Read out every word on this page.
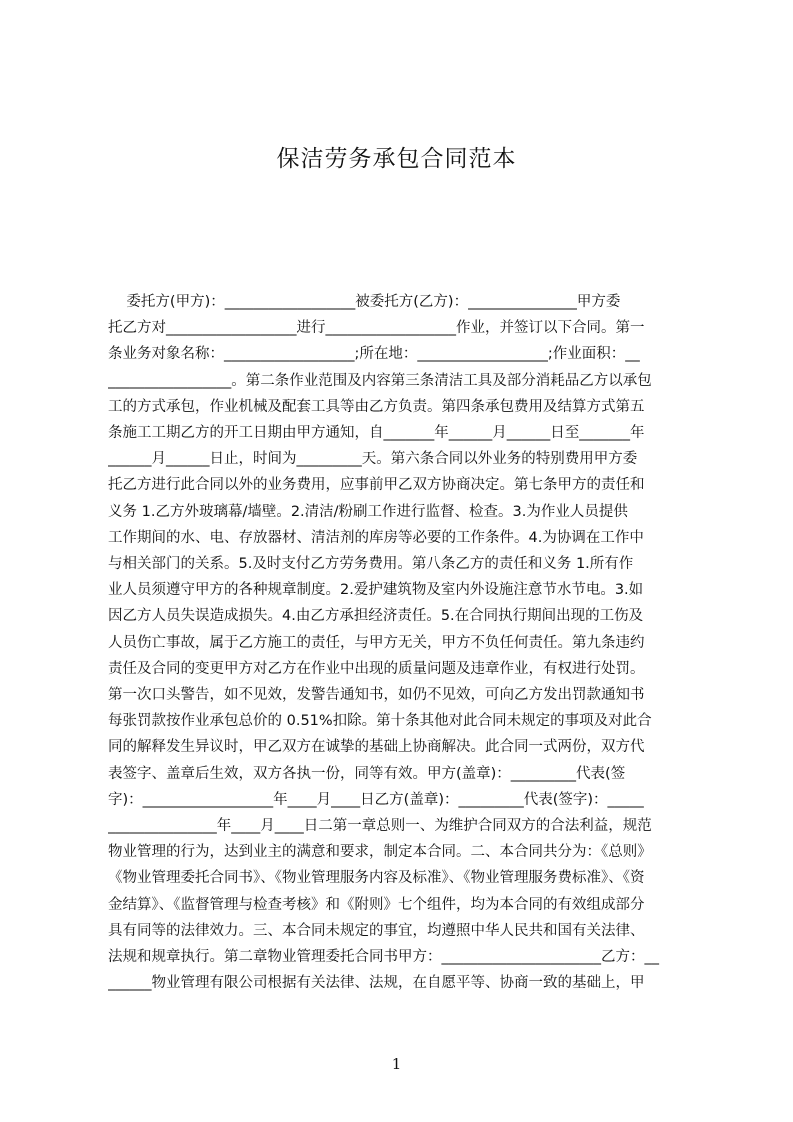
保洁劳务承包合同范本
委托方(甲方)：__________________被委托方(乙方)：_______________甲方委
托乙方对__________________进行__________________作业，并签订以下合同。第一
条业务对象名称：__________________;所在地：__________________;作业面积：__
_________________。第二条作业范围及内容第三条清洁工具及部分消耗品乙方以承包
工的方式承包，作业机械及配套工具等由乙方负责。第四条承包费用及结算方式第五
条施工工期乙方的开工日期由甲方通知，自_______年______月______日至_______年
______月______日止，时间为_________天。第六条合同以外业务的特别费用甲方委
托乙方进行此合同以外的业务费用，应事前甲乙双方协商决定。第七条甲方的责任和
义务 1.乙方外玻璃幕/墙壁。2.清洁/粉刷工作进行监督、检查。3.为作业人员提供
工作期间的水、电、存放器材、清洁剂的库房等必要的工作条件。4.为协调在工作中
与相关部门的关系。5.及时支付乙方劳务费用。第八条乙方的责任和义务 1.所有作
业人员须遵守甲方的各种规章制度。2.爱护建筑物及室内外设施注意节水节电。3.如
因乙方人员失误造成损失。4.由乙方承担经济责任。5.在合同执行期间出现的工伤及
人员伤亡事故，属于乙方施工的责任，与甲方无关，甲方不负任何责任。第九条违约
责任及合同的变更甲方对乙方在作业中出现的质量问题及违章作业，有权进行处罚。
第一次口头警告，如不见效，发警告通知书，如仍不见效，可向乙方发出罚款通知书
每张罚款按作业承包总价的 0.51%扣除。第十条其他对此合同未规定的事项及对此合
同的解释发生异议时，甲乙双方在诚挚的基础上协商解决。此合同一式两份，双方代
表签字、盖章后生效，双方各执一份，同等有效。甲方(盖章)：_________代表(签
字)：__________________年____月____日乙方(盖章)：_________代表(签字)：_____
_______________年____月____日二第一章总则一、为维护合同双方的合法利益，规范
物业管理的行为，达到业主的满意和要求，制定本合同。二、本合同共分为：《总则》
《物业管理委托合同书》、《物业管理服务内容及标准》、《物业管理服务费标准》、《资
金结算》、《监督管理与检查考核》和《附则》七个组件，均为本合同的有效组成部分
具有同等的法律效力。三、本合同未规定的事宜，均遵照中华人民共和国有关法律、
法规和规章执行。第二章物业管理委托合同书甲方：______________________乙方：__
______物业管理有限公司根据有关法律、法规，在自愿平等、协商一致的基础上，甲
1
